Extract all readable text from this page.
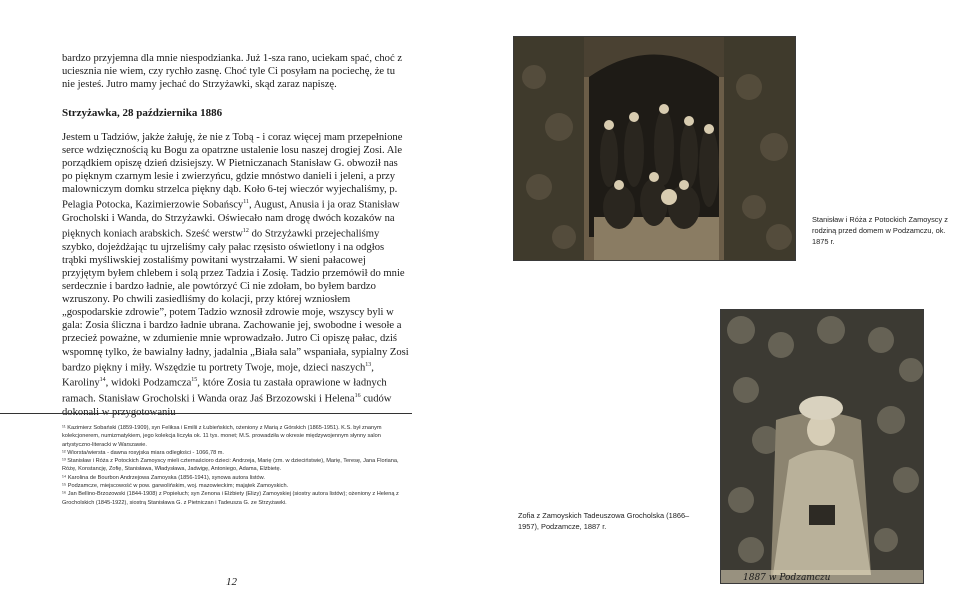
bardzo przyjemna dla mnie niespodzianka. Już 1-sza rano, uciekam spać, choć z uciesznia nie wiem, czy rychło zasnę. Choć tyle Ci posyłam na pociechę, że tu nie jesteś. Jutro mamy jechać do Strzyżawki, skąd zaraz napiszę.

Strzyżawka, 28 października 1886

Jestem u Tadziów, jakże żałuję, że nie z Tobą - i coraz więcej mam przepełnione serce wdzięcznością ku Bogu za opatrzne ustalenie losu naszej drogiej Zosi. Ale porządkiem opiszę dzień dzisiejszy. W Pietniczanach Stanisław G. obwoził nas po pięknym czarnym lesie i zwierzyńcu, gdzie mnóstwo danieli i jeleni, a przy malowniczym domku strzelca piękny dąb. Koło 6-tej wieczór wyjechaliśmy, p. Pelagia Potocka, Kazimierzowie Sobańscy$^{11}$, August, Anusia i ja oraz Stanisław Grocholski i Wanda, do Strzyżawki. Oświecało nam drogę dwóch kozaków na pięknych koniach arabskich. Sześć werstw$^{12}$ do Strzyżawki przejechaliśmy szybko, dojeżdżając tu ujrzeliśmy cały pałac rzęsisto oświetlony i na odgłos trąbki myśliwskiej zostaliśmy powitani wystrzałami. W sieni pałacowej przyjętym byłem chlebem i solą przez Tadzia i Zosię. Tadzio przemówił do mnie serdecznie i bardzo ładnie, ale powtórzyć Ci nie zdołam, bo byłem bardzo wzruszony. Po chwili zasiedliśmy do kolacji, przy której wzniosłem „gospodarskie zdrowie”, potem Tadzio wznosił zdrowie moje, wszyscy byli w gala: Zosia śliczna i bardzo ładnie ubrana. Zachowanie jej, swobodne i wesołe a przecież poważne, w zdumienie mnie wprowadzało. Jutro Ci opiszę pałac, dziś wspomnę tylko, że bawialny ładny, jadalnia „Biała sala” wspaniała, sypialny Zosi bardzo piękny i miły. Wszędzie tu portrety Twoje, moje, dzieci naszych$^{13}$, Karoliny$^{14}$, widoki Podzamcza$^{15}$, które Zosia tu zastała oprawione w ładnych ramach. Stanisław Grocholski i Wanda oraz Jaś Brzozowski i Helena$^{16}$ cudów dokonali w przygotowaniu

¹¹ Kazimierz Sobański (1859-1909), syn Feliksa i Emilii z Łubieńskich, ożeniony z Marią z Górskich (1865-1951). K.S. był znanym kolekcjonerem, numizmatykiem, jego kolekcja liczyła ok. 11 tys. monet; M.S. prowadziła w okresie międzywojennym słynny salon artystyczno-literacki w Warszawie.
¹² Wiorsta/wiersta - dawna rosyjska miara odległości - 1066,78 m.
¹³ Stanisław i Róża z Potockich Zamoyscy mieli czternaścioro dzieci: Andrzeja, Marię (zm. w dzieciństwie), Marię, Teresę, Jana Floriana, Różę, Konstancję, Zofię, Stanisława, Władysława, Jadwigę, Antoniego, Adama, Elżbietę.
¹⁴ Karolina de Bourbon Andrzejowa Zamoyska (1856-1941), synowa autora listów.
¹⁵ Podzamcze, miejscowość w pow. garwolińskim, woj. mazowieckim; majątek Zamoyskich.
¹⁶ Jan Bellino-Brzozowski (1844-1908) z Popiełuch; syn Zenona i Elżbiety (Elizy) Zamoyskiej (siostry autora listów); ożeniony z Heleną z Grocholskich (1845-1922), siostrą Stanisława G. z Pietniczan i Tadeusza G. ze Strzyżawki.
12
Stanisław i Róża z Potockich Zamoyscy z rodziną przed domem w Podzamczu, ok. 1875 r.
Zofia z Zamoyskich Tadeuszowa Grocholska (1866–1957), Podzamcze, 1887 r.
1887 w Podzamczu
